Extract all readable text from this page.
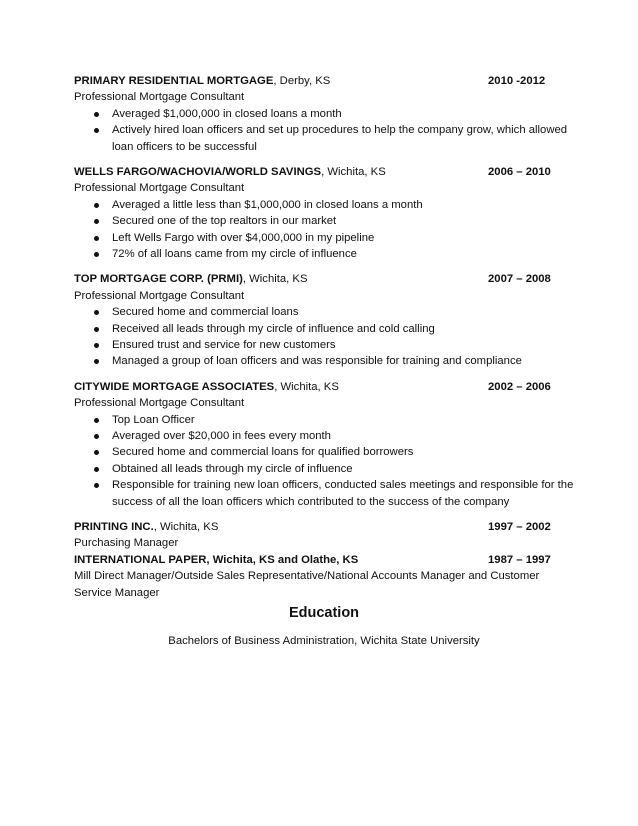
PRIMARY RESIDENTIAL MORTGAGE, Derby, KS	2010 -2012
Professional Mortgage Consultant
Averaged $1,000,000 in closed loans a month
Actively hired loan officers and set up procedures to help the company grow, which allowed loan officers to be successful
WELLS FARGO/WACHOVIA/WORLD SAVINGS, Wichita, KS	2006 – 2010
Professional Mortgage Consultant
Averaged a little less than $1,000,000 in closed loans a month
Secured one of the top realtors in our market
Left Wells Fargo with over $4,000,000 in my pipeline
72% of all loans came from my circle of influence
TOP MORTGAGE CORP. (PRMI), Wichita, KS	2007 – 2008
Professional Mortgage Consultant
Secured home and commercial loans
Received all leads through my circle of influence and cold calling
Ensured trust and service for new customers
Managed a group of loan officers and was responsible for training and compliance
CITYWIDE MORTGAGE ASSOCIATES, Wichita, KS	2002 – 2006
Professional Mortgage Consultant
Top Loan Officer
Averaged over $20,000 in fees every month
Secured home and commercial loans for qualified borrowers
Obtained all leads through my circle of influence
Responsible for training new loan officers, conducted sales meetings and responsible for the success of all the loan officers which contributed to the success of the company
PRINTING INC., Wichita, KS	1997 – 2002
Purchasing Manager
INTERNATIONAL PAPER, Wichita, KS and Olathe, KS	1987 – 1997
Mill Direct Manager/Outside Sales Representative/National Accounts Manager and Customer Service Manager
Education
Bachelors of Business Administration, Wichita State University
